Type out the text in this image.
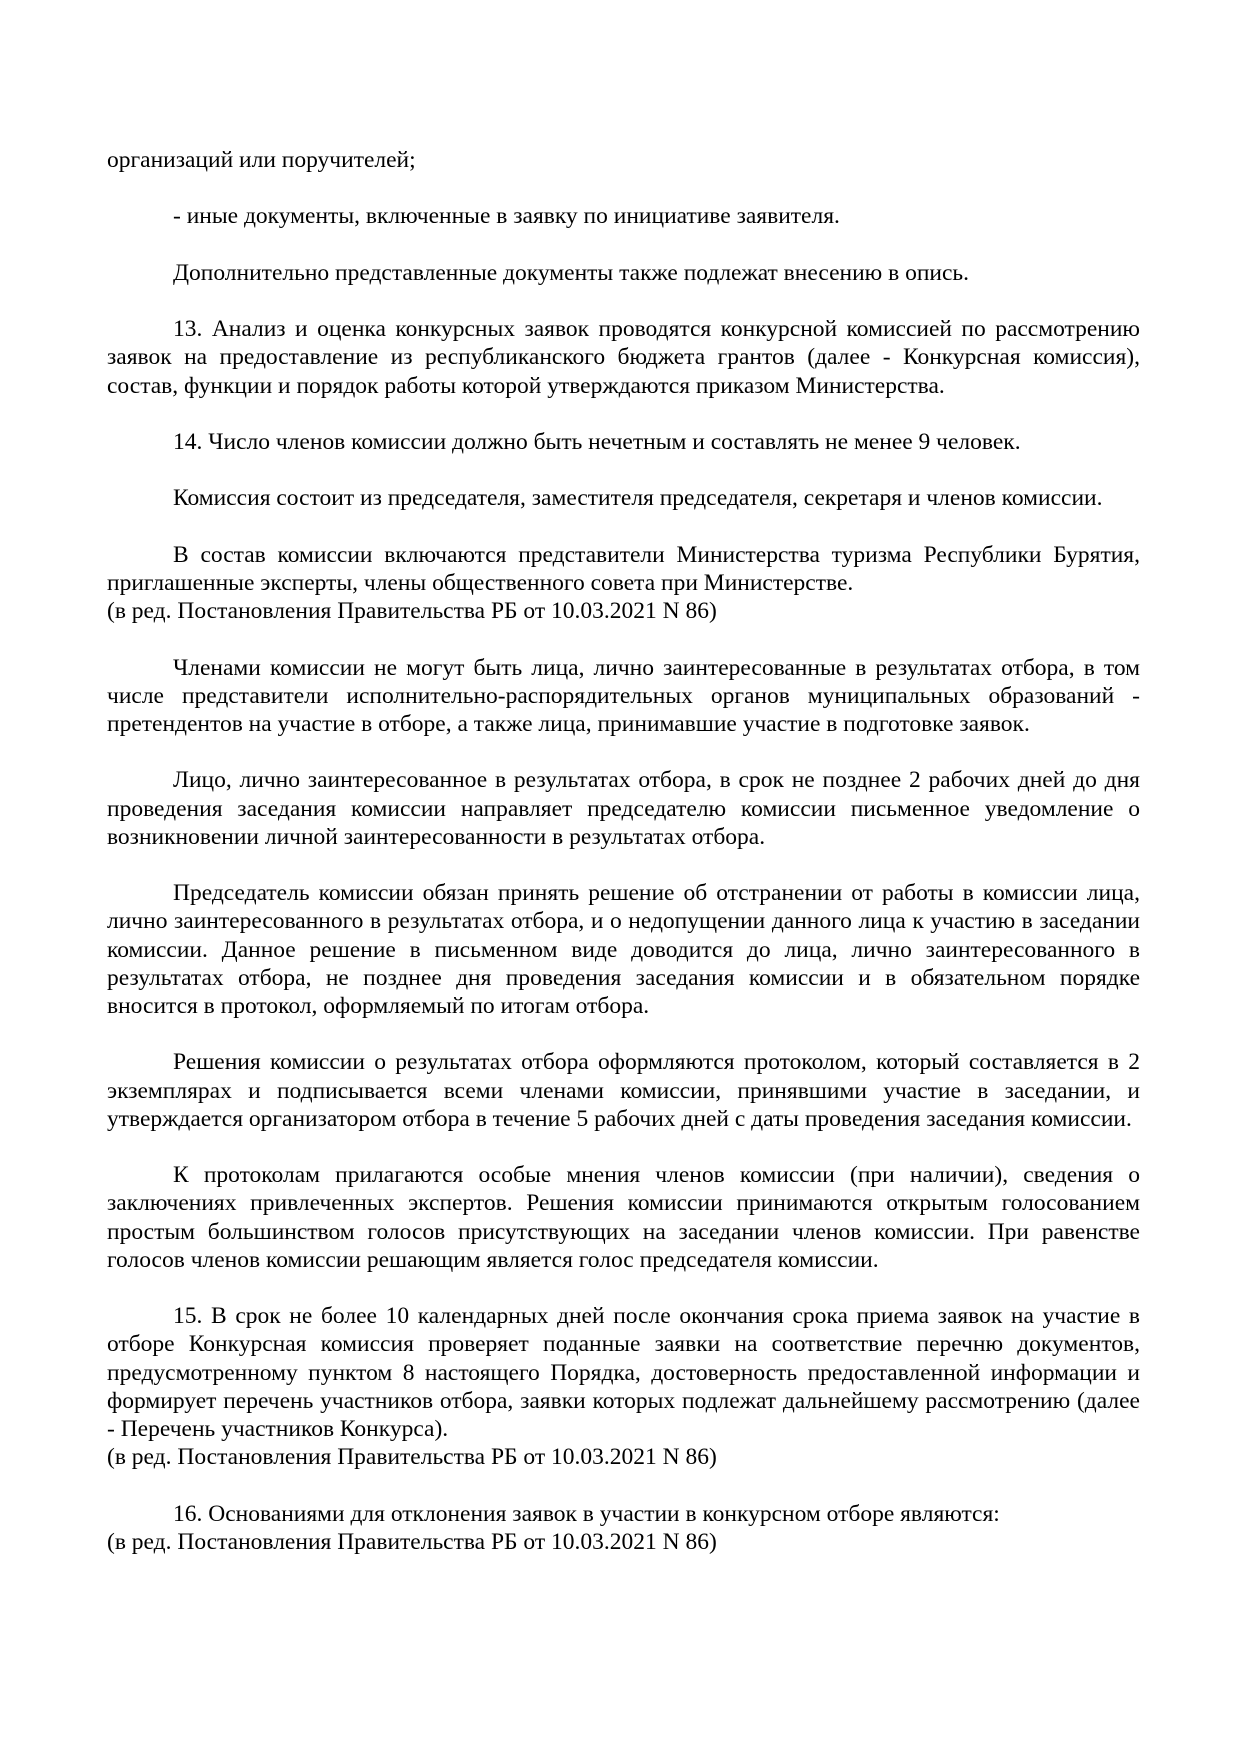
организаций или поручителей;

- иные документы, включенные в заявку по инициативе заявителя.

Дополнительно представленные документы также подлежат внесению в опись.

13. Анализ и оценка конкурсных заявок проводятся конкурсной комиссией по рассмотрению заявок на предоставление из республиканского бюджета грантов (далее - Конкурсная комиссия), состав, функции и порядок работы которой утверждаются приказом Министерства.

14. Число членов комиссии должно быть нечетным и составлять не менее 9 человек.

Комиссия состоит из председателя, заместителя председателя, секретаря и членов комиссии.

В состав комиссии включаются представители Министерства туризма Республики Бурятия, приглашенные эксперты, члены общественного совета при Министерстве.

(в ред. Постановления Правительства РБ от 10.03.2021 N 86)

Членами комиссии не могут быть лица, лично заинтересованные в результатах отбора, в том числе представители исполнительно-распорядительных органов муниципальных образований - претендентов на участие в отборе, а также лица, принимавшие участие в подготовке заявок.

Лицо, лично заинтересованное в результатах отбора, в срок не позднее 2 рабочих дней до дня проведения заседания комиссии направляет председателю комиссии письменное уведомление о возникновении личной заинтересованности в результатах отбора.

Председатель комиссии обязан принять решение об отстранении от работы в комиссии лица, лично заинтересованного в результатах отбора, и о недопущении данного лица к участию в заседании комиссии. Данное решение в письменном виде доводится до лица, лично заинтересованного в результатах отбора, не позднее дня проведения заседания комиссии и в обязательном порядке вносится в протокол, оформляемый по итогам отбора.

Решения комиссии о результатах отбора оформляются протоколом, который составляется в 2 экземплярах и подписывается всеми членами комиссии, принявшими участие в заседании, и утверждается организатором отбора в течение 5 рабочих дней с даты проведения заседания комиссии.

К протоколам прилагаются особые мнения членов комиссии (при наличии), сведения о заключениях привлеченных экспертов. Решения комиссии принимаются открытым голосованием простым большинством голосов присутствующих на заседании членов комиссии. При равенстве голосов членов комиссии решающим является голос председателя комиссии.

15. В срок не более 10 календарных дней после окончания срока приема заявок на участие в отборе Конкурсная комиссия проверяет поданные заявки на соответствие перечню документов, предусмотренному пунктом 8 настоящего Порядка, достоверность предоставленной информации и формирует перечень участников отбора, заявки которых подлежат дальнейшему рассмотрению (далее - Перечень участников Конкурса).

(в ред. Постановления Правительства РБ от 10.03.2021 N 86)

16. Основаниями для отклонения заявок в участии в конкурсном отборе являются:

(в ред. Постановления Правительства РБ от 10.03.2021 N 86)
